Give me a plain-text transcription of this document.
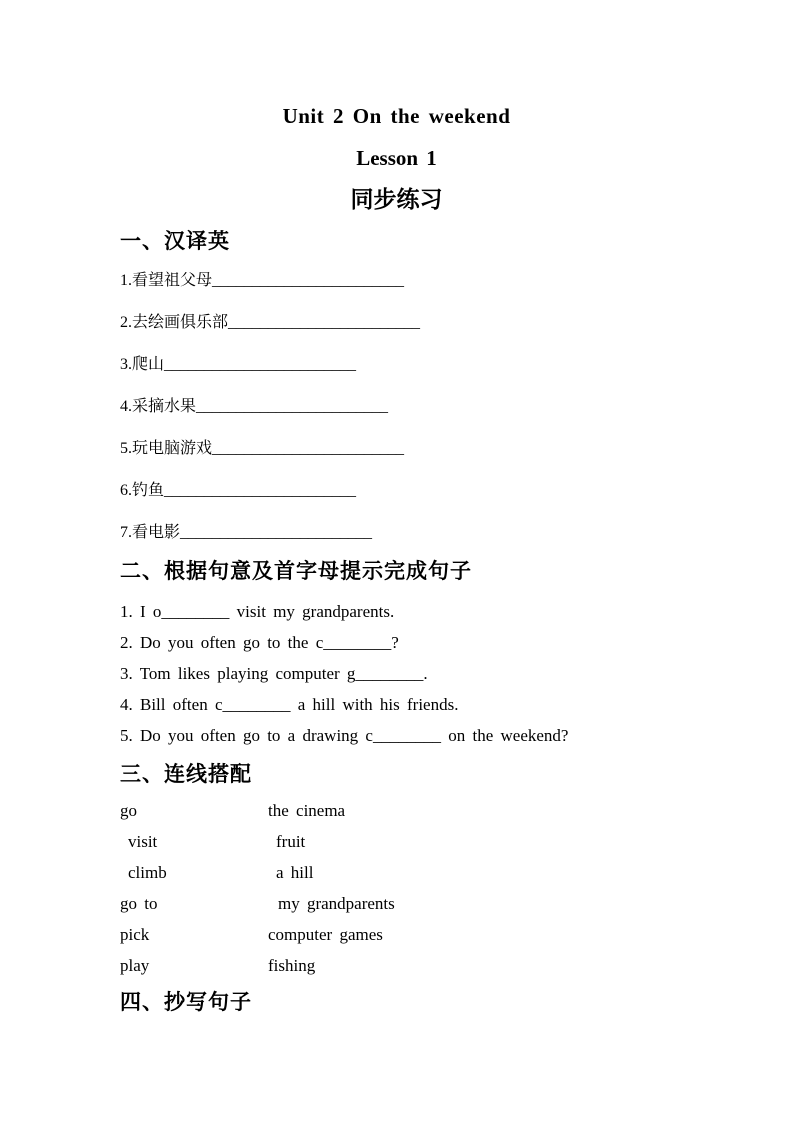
Unit 2 On the weekend
Lesson 1
同步练习
一、汉译英
1.看望祖父母________________________
2.去绘画俱乐部________________________
3.爬山________________________
4.采摘水果________________________
5.玩电脑游戏________________________
6.钓鱼________________________
7.看电影________________________
二、根据句意及首字母提示完成句子
1. I o________ visit my grandparents.
2. Do you often go to the c________?
3. Tom likes playing computer g________.
4. Bill often c________ a hill with his friends.
5. Do you often go to a drawing c________ on the weekend?
三、连线搭配
go	the cinema
visit	fruit
climb	a hill
go to	my grandparents
pick	computer games
play	fishing
四、抄写句子
